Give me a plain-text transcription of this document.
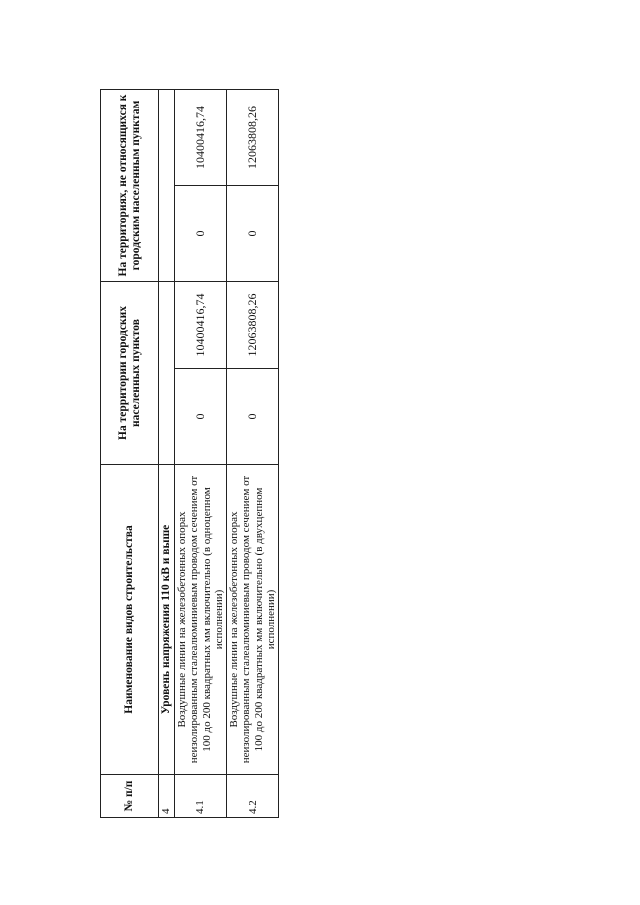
№ п/п	Наименование видов строительства	На территории городских населенных пунктов		На территориях, не относящихся к городским населенным пунктам	
4	Уровень напряжения 110 кВ и выше				
4.1	Воздушные линии на железобетонных опорах неизолированным сталеалюминиевым проводом сечением от 100 до 200 квадратных мм включительно (в одноцепном исполнении)	0	10400416,74	0	10400416,74
4.2	Воздушные линии на железобетонных опорах неизолированным сталеалюминиевым проводом сечением от 100 до 200 квадратных мм включительно (в двухцепном исполнении)	0	12063808,26	0	12063808,26
